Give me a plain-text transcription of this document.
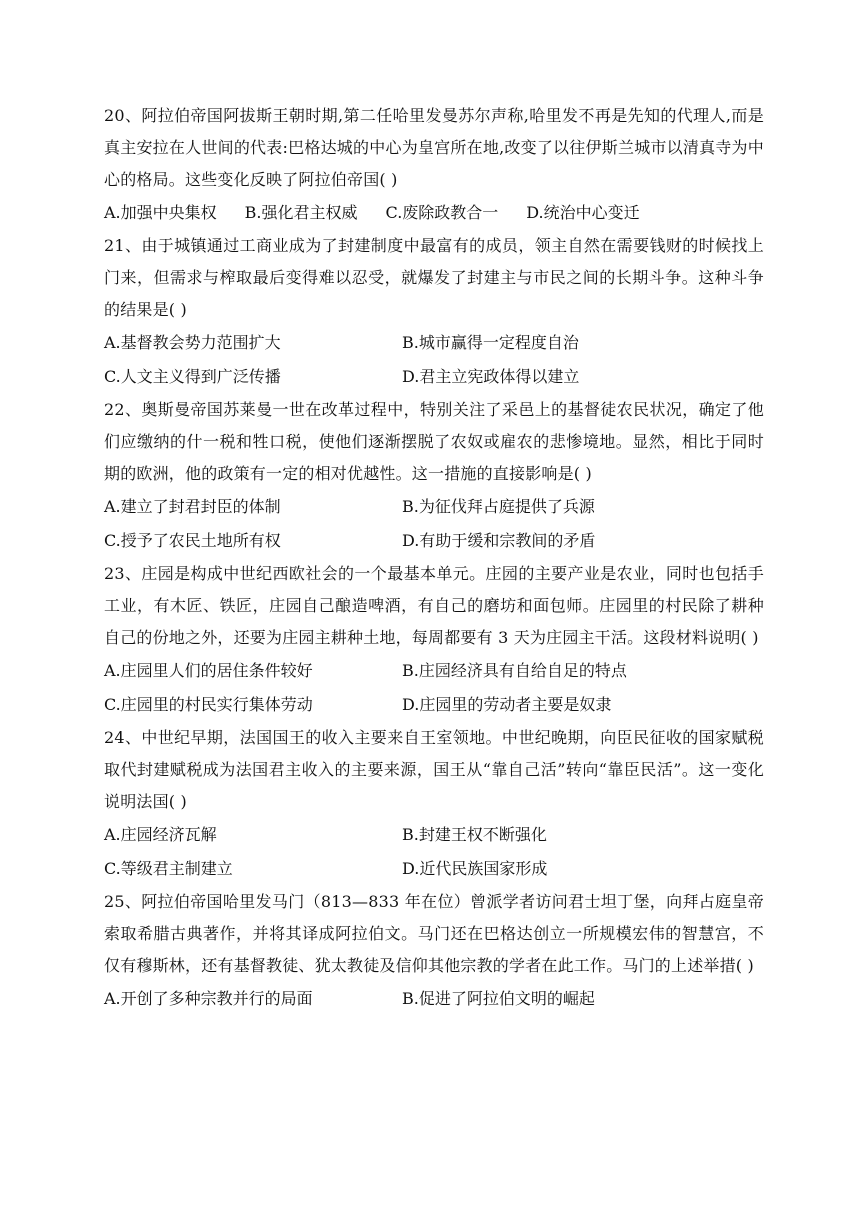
20、阿拉伯帝国阿拔斯王朝时期,第二任哈里发曼苏尔声称,哈里发不再是先知的代理人,而是真主安拉在人世间的代表:巴格达城的中心为皇宫所在地,改变了以往伊斯兰城市以清真寺为中心的格局。这些变化反映了阿拉伯帝国( )

A.加强中央集权 B.强化君主权威 C.废除政教合一 D.统治中心变迁

21、由于城镇通过工商业成为了封建制度中最富有的成员，领主自然在需要钱财的时候找上门来，但需求与榨取最后变得难以忍受，就爆发了封建主与市民之间的长期斗争。这种斗争的结果是( )

A.基督教会势力范围扩大	B.城市赢得一定程度自治
C.人文主义得到广泛传播	D.君主立宪政体得以建立

22、奥斯曼帝国苏莱曼一世在改革过程中，特别关注了采邑上的基督徒农民状况，确定了他们应缴纳的什一税和牲口税，使他们逐渐摆脱了农奴或雇农的悲惨境地。显然，相比于同时期的欧洲，他的政策有一定的相对优越性。这一措施的直接影响是( )

A.建立了封君封臣的体制	B.为征伐拜占庭提供了兵源
C.授予了农民土地所有权	D.有助于缓和宗教间的矛盾

23、庄园是构成中世纪西欧社会的一个最基本单元。庄园的主要产业是农业，同时也包括手工业，有木匠、铁匠，庄园自己酿造啤酒，有自己的磨坊和面包师。庄园里的村民除了耕种自己的份地之外，还要为庄园主耕种土地，每周都要有 3 天为庄园主干活。这段材料说明( )

A.庄园里人们的居住条件较好	B.庄园经济具有自给自足的特点
C.庄园里的村民实行集体劳动	D.庄园里的劳动者主要是奴隶

24、中世纪早期，法国国王的收入主要来自王室领地。中世纪晚期，向臣民征收的国家赋税取代封建赋税成为法国君主收入的主要来源，国王从“靠自己活”转向“靠臣民活”。这一变化说明法国( )

A.庄园经济瓦解	B.封建王权不断强化
C.等级君主制建立	D.近代民族国家形成

25、阿拉伯帝国哈里发马门（813—833 年在位）曾派学者访问君士坦丁堡，向拜占庭皇帝索取希腊古典著作，并将其译成阿拉伯文。马门还在巴格达创立一所规模宏伟的智慧宫，不仅有穆斯林，还有基督教徒、犹太教徒及信仰其他宗教的学者在此工作。马门的上述举措( )

A.开创了多种宗教并行的局面	B.促进了阿拉伯文明的崛起
